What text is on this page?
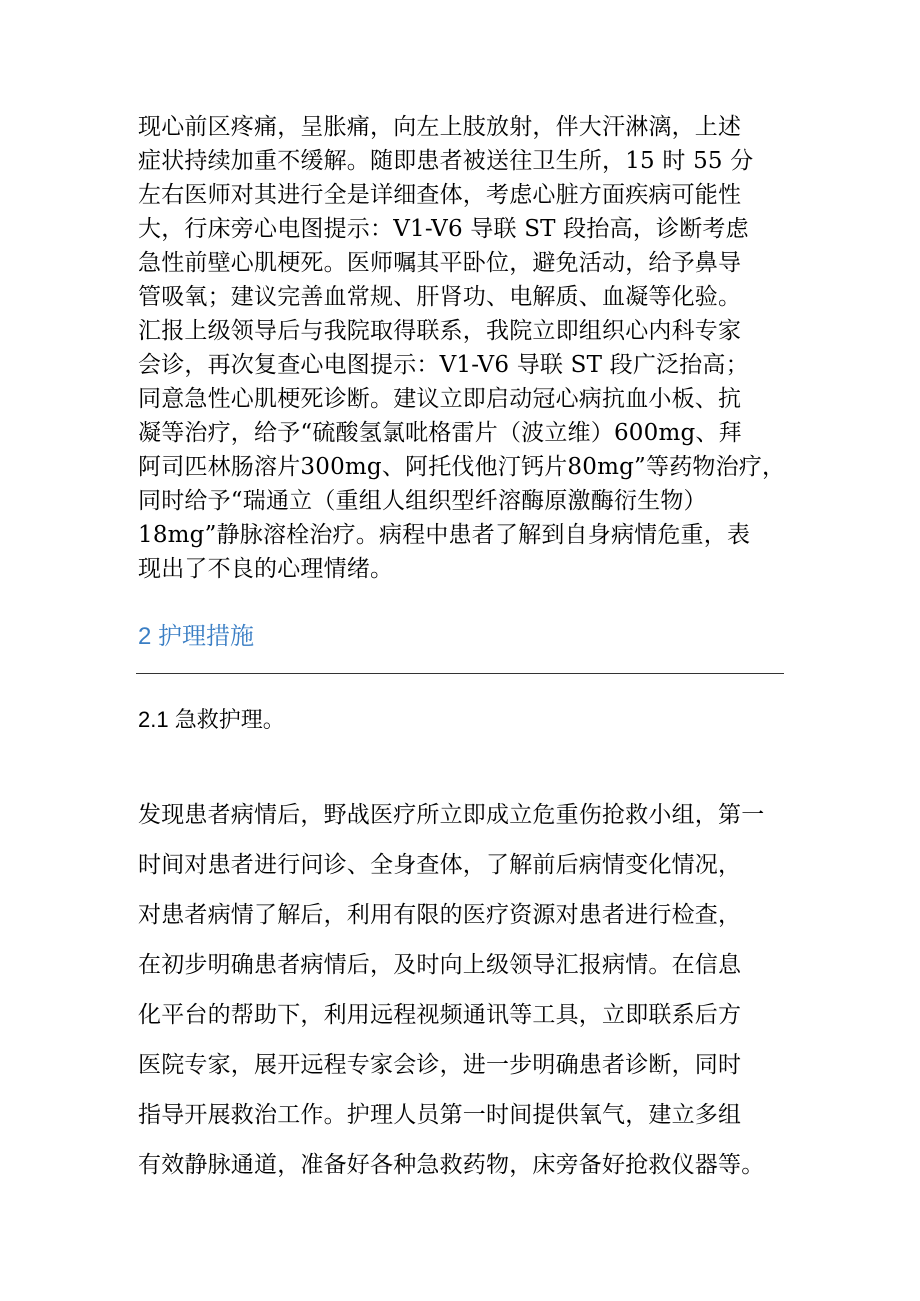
现心前区疼痛，呈胀痛，向左上肢放射，伴大汗淋漓，上述
症状持续加重不缓解。随即患者被送往卫生所，15 时 55 分
左右医师对其进行全是详细查体，考虑心脏方面疾病可能性
大，行床旁心电图提示：V1-V6 导联 ST 段抬高，诊断考虑
急性前壁心肌梗死。医师嘱其平卧位，避免活动，给予鼻导
管吸氧；建议完善血常规、肝肾功、电解质、血凝等化验。
汇报上级领导后与我院取得联系，我院立即组织心内科专家
会诊，再次复查心电图提示：V1-V6 导联 ST 段广泛抬高；
同意急性心肌梗死诊断。建议立即启动冠心病抗血小板、抗
凝等治疗，给予“硫酸氢氯吡格雷片（波立维）600mg、拜
阿司匹林肠溶片300mg、阿托伐他汀钙片80mg”等药物治疗，
同时给予“瑞通立（重组人组织型纤溶酶原激酶衍生物）
18mg”静脉溶栓治疗。病程中患者了解到自身病情危重，表
现出了不良的心理情绪。
2 护理措施
2.1 急救护理。
发现患者病情后，野战医疗所立即成立危重伤抢救小组，第一
时间对患者进行问诊、全身查体，了解前后病情变化情况，
对患者病情了解后，利用有限的医疗资源对患者进行检查，
在初步明确患者病情后，及时向上级领导汇报病情。在信息
化平台的帮助下，利用远程视频通讯等工具，立即联系后方
医院专家，展开远程专家会诊，进一步明确患者诊断，同时
指导开展救治工作。护理人员第一时间提供氧气，建立多组
有效静脉通道，准备好各种急救药物，床旁备好抢救仪器等。
